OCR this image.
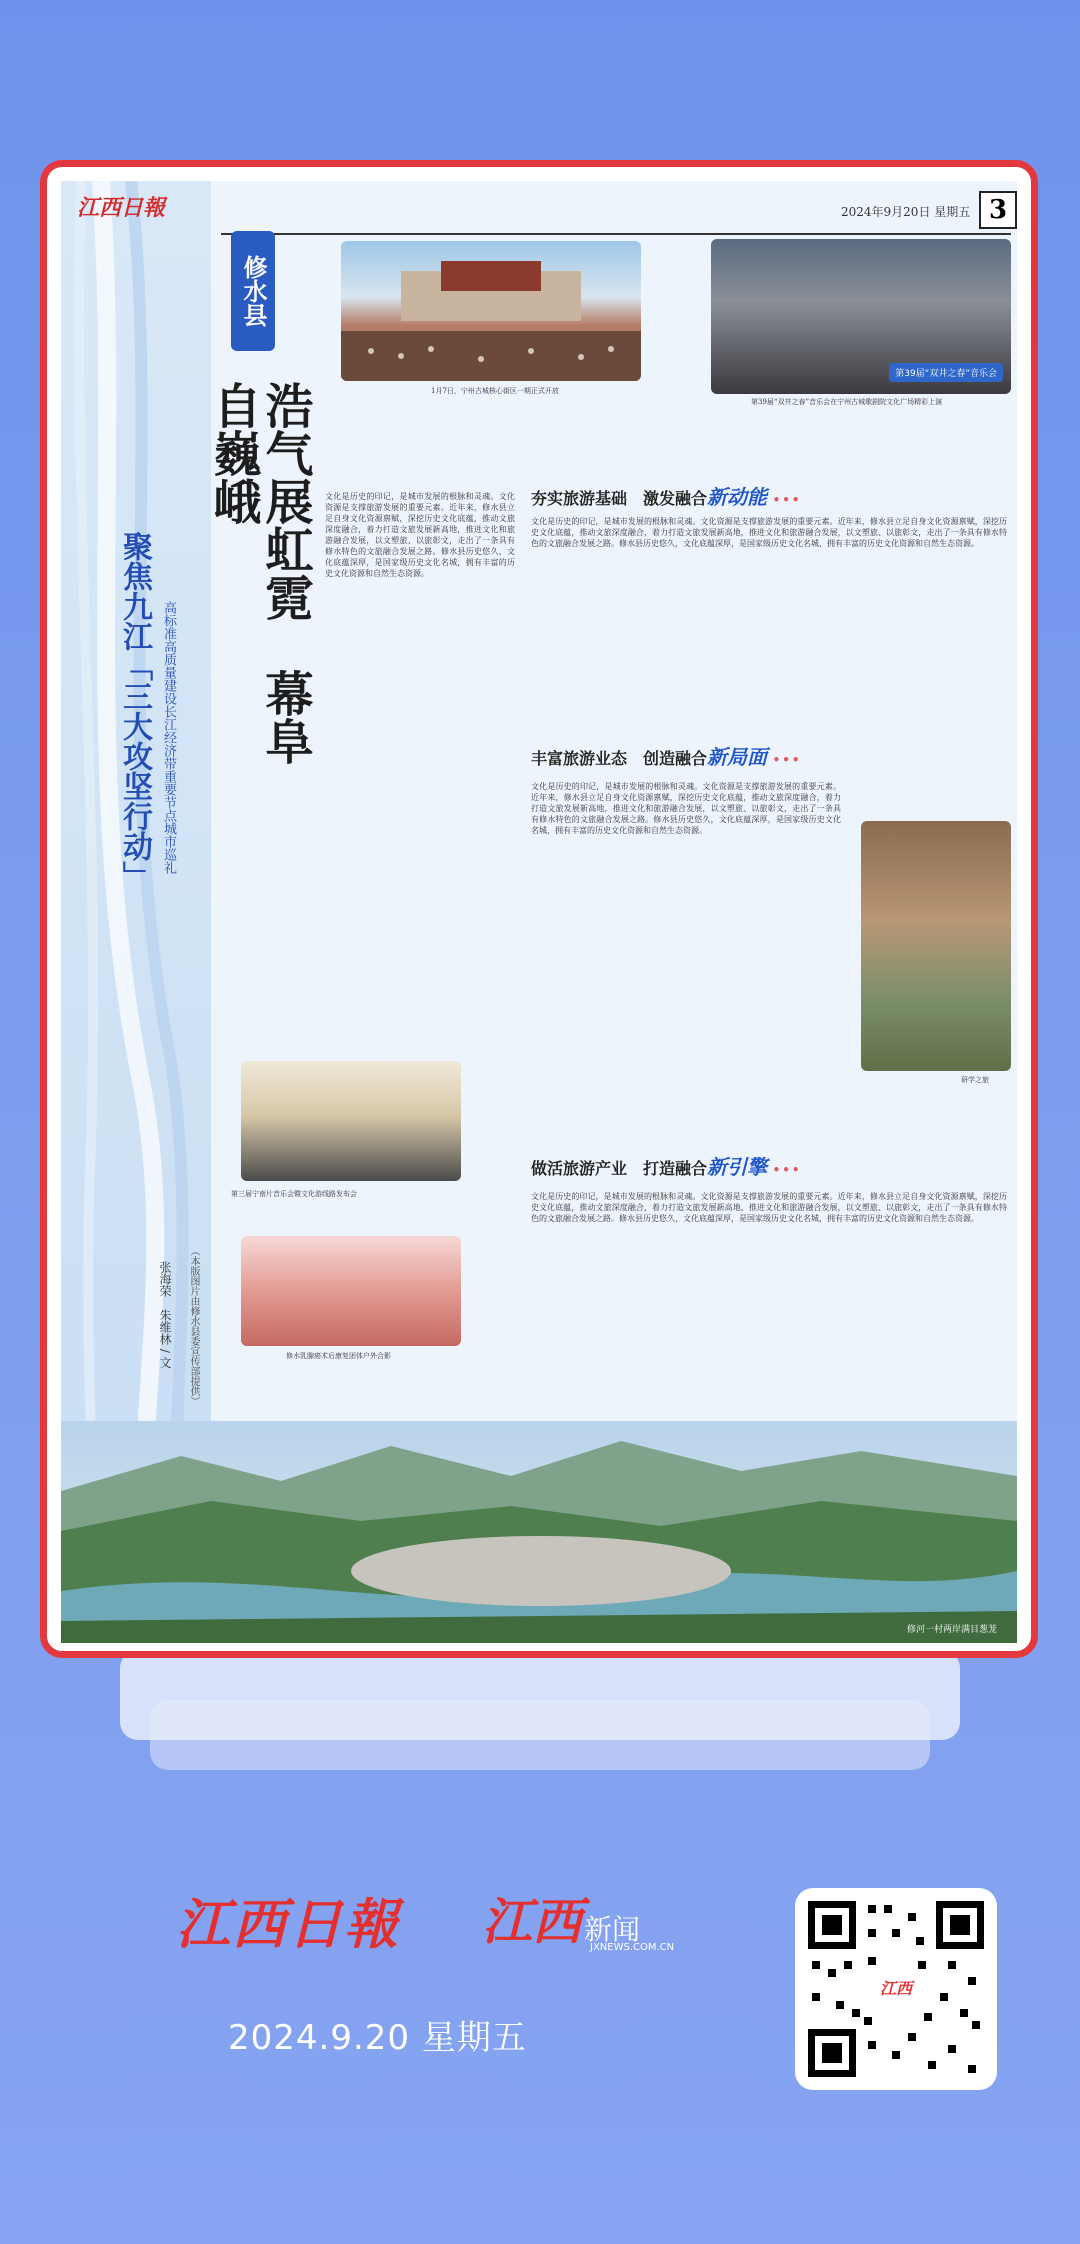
江西日報	2024年9月20日 星期五 3
聚焦九江「三大攻坚行动」 高标准高质量建设长江经济带重要节点城市巡礼
张海荣　朱维林 / 文 （本版图片由修水县委宣传部提供）
修水县
浩气展虹霓　幕阜自巍峨	1月7日，宁州古城核心街区一期正式开放
第39届“双井之春”音乐会
第39届“双井之春”音乐会在宁州古城歌剧院文化广场精彩上演
文化是历史的印记，是城市发展的根脉和灵魂。文化资源是支撑旅游发展的重要元素。近年来，修水县立足自身文化资源禀赋，深挖历史文化底蕴，推动文旅深度融合，着力打造文旅发展新高地，推进文化和旅游融合发展，以文塑旅、以旅彰文，走出了一条具有修水特色的文旅融合发展之路。修水县历史悠久，文化底蕴深厚，是国家级历史文化名城，拥有丰富的历史文化资源和自然生态资源。
夯实旅游基础　激发融合新动能 •••
文化是历史的印记，是城市发展的根脉和灵魂。文化资源是支撑旅游发展的重要元素。近年来，修水县立足自身文化资源禀赋，深挖历史文化底蕴，推动文旅深度融合，着力打造文旅发展新高地，推进文化和旅游融合发展，以文塑旅、以旅彰文，走出了一条具有修水特色的文旅融合发展之路。修水县历史悠久，文化底蕴深厚，是国家级历史文化名城，拥有丰富的历史文化资源和自然生态资源。
丰富旅游业态　创造融合新局面 •••
文化是历史的印记，是城市发展的根脉和灵魂。文化资源是支撑旅游发展的重要元素。近年来，修水县立足自身文化资源禀赋，深挖历史文化底蕴，推动文旅深度融合，着力打造文旅发展新高地，推进文化和旅游融合发展，以文塑旅、以旅彰文，走出了一条具有修水特色的文旅融合发展之路。修水县历史悠久，文化底蕴深厚，是国家级历史文化名城，拥有丰富的历史文化资源和自然生态资源。
研学之旅
做活旅游产业　打造融合新引擎 •••
文化是历史的印记，是城市发展的根脉和灵魂。文化资源是支撑旅游发展的重要元素。近年来，修水县立足自身文化资源禀赋，深挖历史文化底蕴，推动文旅深度融合，着力打造文旅发展新高地，推进文化和旅游融合发展，以文塑旅、以旅彰文，走出了一条具有修水特色的文旅融合发展之路。修水县历史悠久，文化底蕴深厚，是国家级历史文化名城，拥有丰富的历史文化资源和自然生态资源。
第三届宁南片音乐会暨文化游线路发布会
修水乳腺癌术后康复团体户外合影
修河一村两岸满目葱茏
江西日報 江西新闻
JXNEWS.COM.CN
2024.9.20 星期五
江西
